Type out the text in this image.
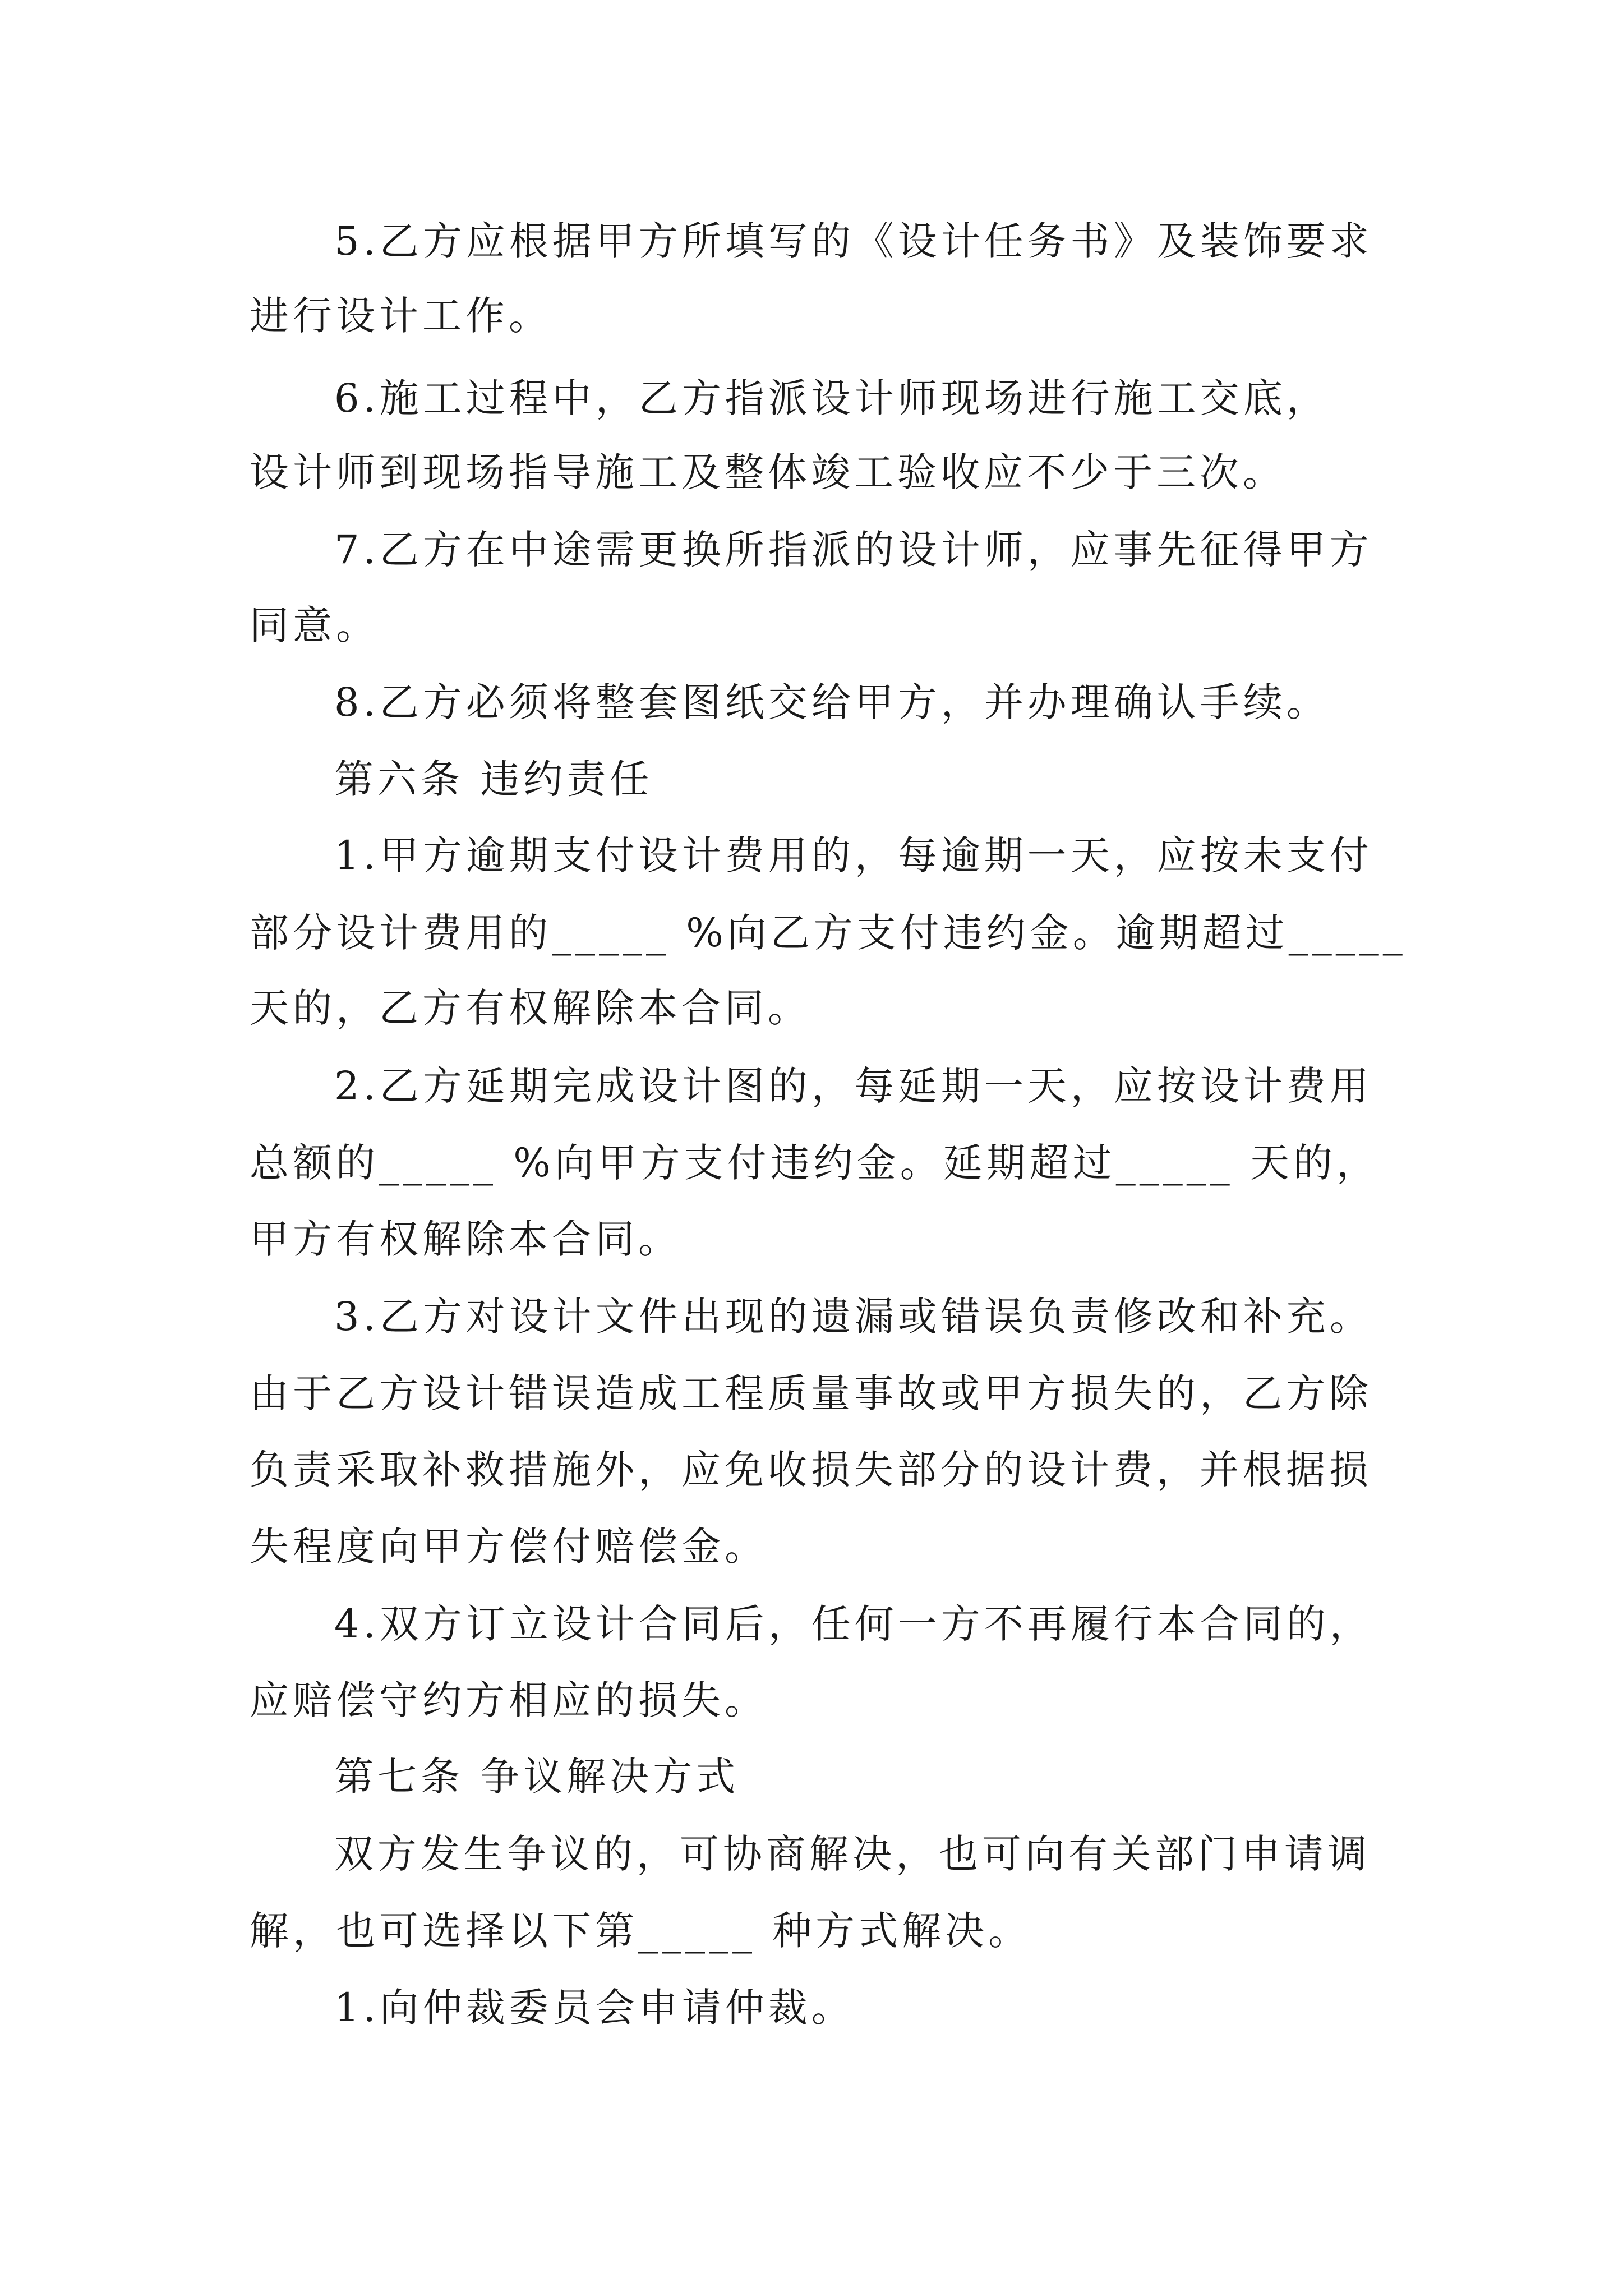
5.乙方应根据甲方所填写的《设计任务书》及装饰要求
进行设计工作。
6.施工过程中，乙方指派设计师现场进行施工交底，
设计师到现场指导施工及整体竣工验收应不少于三次。
7.乙方在中途需更换所指派的设计师，应事先征得甲方
同意。
8.乙方必须将整套图纸交给甲方，并办理确认手续。
第六条 违约责任
1.甲方逾期支付设计费用的，每逾期一天，应按未支付
部分设计费用的_____ %向乙方支付违约金。逾期超过_____
天的，乙方有权解除本合同。
2.乙方延期完成设计图的，每延期一天，应按设计费用
总额的_____ %向甲方支付违约金。延期超过_____ 天的，
甲方有权解除本合同。
3.乙方对设计文件出现的遗漏或错误负责修改和补充。
由于乙方设计错误造成工程质量事故或甲方损失的，乙方除
负责采取补救措施外，应免收损失部分的设计费，并根据损
失程度向甲方偿付赔偿金。
4.双方订立设计合同后，任何一方不再履行本合同的，
应赔偿守约方相应的损失。
第七条 争议解决方式
双方发生争议的，可协商解决，也可向有关部门申请调
解，也可选择以下第_____ 种方式解决。
1.向仲裁委员会申请仲裁。
